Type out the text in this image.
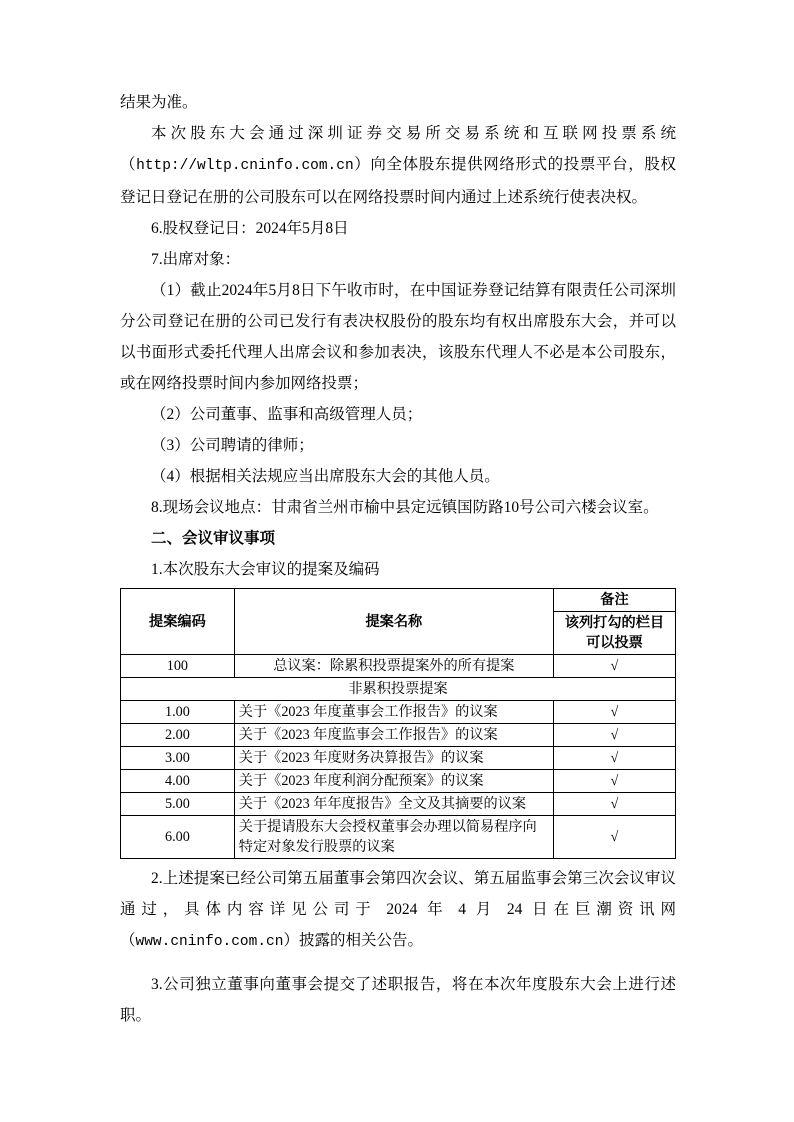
结果为准。

本次股东大会通过深圳证券交易所交易系统和互联网投票系统（http://wltp.cninfo.com.cn）向全体股东提供网络形式的投票平台，股权登记日登记在册的公司股东可以在网络投票时间内通过上述系统行使表决权。

6.股权登记日：2024年5月8日

7.出席对象：

（1）截止2024年5月8日下午收市时，在中国证券登记结算有限责任公司深圳分公司登记在册的公司已发行有表决权股份的股东均有权出席股东大会，并可以以书面形式委托代理人出席会议和参加表决，该股东代理人不必是本公司股东，或在网络投票时间内参加网络投票；

（2）公司董事、监事和高级管理人员；

（3）公司聘请的律师；

（4）根据相关法规应当出席股东大会的其他人员。

8.现场会议地点：甘肃省兰州市榆中县定远镇国防路10号公司六楼会议室。

二、会议审议事项

1.本次股东大会审议的提案及编码

提案编码	提案名称	备注
		该列打勾的栏目可以投票
100	总议案：除累积投票提案外的所有提案	√
非累积投票提案		
1.00	关于《2023 年度董事会工作报告》的议案	√
2.00	关于《2023 年度监事会工作报告》的议案	√
3.00	关于《2023 年度财务决算报告》的议案	√
4.00	关于《2023 年度利润分配预案》的议案	√
5.00	关于《2023 年年度报告》全文及其摘要的议案	√
6.00	关于提请股东大会授权董事会办理以简易程序向特定对象发行股票的议案	√

2.上述提案已经公司第五届董事会第四次会议、第五届监事会第三次会议审议通过，具体内容详见公司于 2024 年 4 月 24 日在巨潮资讯网（www.cninfo.com.cn）披露的相关公告。

3.公司独立董事向董事会提交了述职报告，将在本次年度股东大会上进行述职。
